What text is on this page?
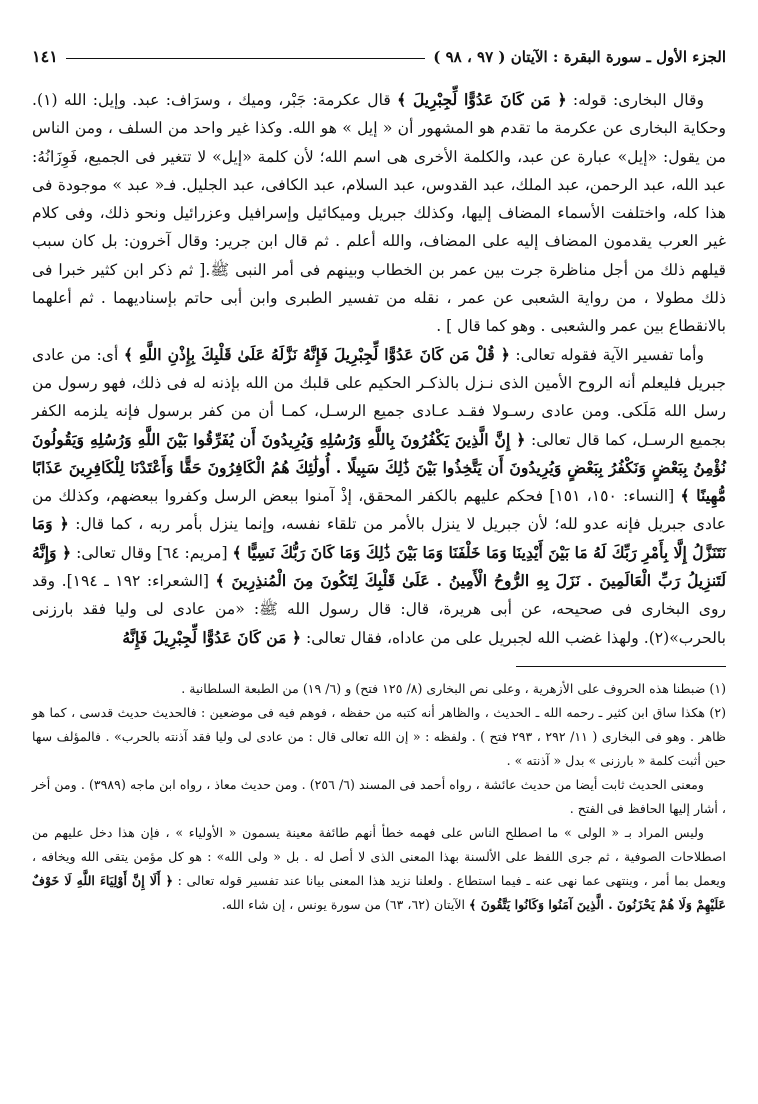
الجزء الأول ـ سورة البقرة : الآيتان ( ٩٧ ، ٩٨ )
١٤١

وقال البخارى: قوله: ﴿ مَن كَانَ عَدُوًّا لِّجِبْرِيلَ ﴾ قال عكرمة: جَبْر، وميك ، وسرَاف: عبد. وإيل: الله (١). وحكاية البخارى عن عكرمة ما تقدم هو المشهور أن « إيل » هو الله. وكذا غير واحد من السلف ، ومن الناس من يقول: «إيل» عبارة عن عبد، والكلمة الأخرى هى اسم الله؛ لأن كلمة «إيل» لا تتغير فى الجميع، فَوِزَانُهُ: عبد الله، عبد الرحمن، عبد الملك، عبد القدوس، عبد السلام، عبد الكافى، عبد الجليل. فـ« عبد » موجودة فى هذا كله، واختلفت الأسماء المضاف إليها، وكذلك جبريل وميكائيل وإسرافيل وعزرائيل ونحو ذلك، وفى كلام غير العرب يقدمون المضاف إليه على المضاف، والله أعلم . ثم قال ابن جرير: وقال آخرون: بل كان سبب قيلهم ذلك من أجل مناظرة جرت بين عمر بن الخطاب وبينهم فى أمر النبى ﷺ.[ ثم ذكر ابن كثير خبرا فى ذلك مطولا ، من رواية الشعبى عن عمر ، نقله من تفسير الطبرى وابن أبى حاتم بإسناديهما . ثم أعلهما بالانقطاع بين عمر والشعبى . وهو كما قال ] .

وأما تفسير الآية فقوله تعالى: ﴿ قُلْ مَن كَانَ عَدُوًّا لِّجِبْرِيلَ فَإِنَّهُ نَزَّلَهُ عَلَىٰ قَلْبِكَ بِإِذْنِ اللَّهِ ﴾ أى: من عادى جبريل فليعلم أنه الروح الأمين الذى نـزل بالذكـر الحكيم على قلبك من الله بإذنه له فى ذلك، فهو رسول من رسل الله مَلَكى. ومن عادى رسـولا فقـد عـادى جميع الرسـل، كمـا أن من كفر برسول فإنه يلزمه الكفر بجميع الرسـل، كما قال تعالى: ﴿ إِنَّ الَّذِينَ يَكْفُرُونَ بِاللَّهِ وَرُسُلِهِ وَيُرِيدُونَ أَن يُفَرِّقُوا بَيْنَ اللَّهِ وَرُسُلِهِ وَيَقُولُونَ نُؤْمِنُ بِبَعْضٍ وَنَكْفُرُ بِبَعْضٍ وَيُرِيدُونَ أَن يَتَّخِذُوا بَيْنَ ذَٰلِكَ سَبِيلًا . أُولَٰئِكَ هُمُ الْكَافِرُونَ حَقًّا وَأَعْتَدْنَا لِلْكَافِرِينَ عَذَابًا مُّهِينًا ﴾ [النساء: ١٥٠، ١٥١] فحكم عليهم بالكفر المحقق، إذْ آمنوا ببعض الرسل وكفروا ببعضهم، وكذلك من عادى جبريل فإنه عدو لله؛ لأن جبريل لا ينزل بالأمر من تلقاء نفسه، وإنما ينزل بأمر ربه ، كما قال: ﴿ وَمَا نَتَنَزَّلُ إِلَّا بِأَمْرِ رَبِّكَ لَهُ مَا بَيْنَ أَيْدِينَا وَمَا خَلْفَنَا وَمَا بَيْنَ ذَٰلِكَ وَمَا كَانَ رَبُّكَ نَسِيًّا ﴾ [مريم: ٦٤] وقال تعالى: ﴿ وَإِنَّهُ لَتَنزِيلُ رَبِّ الْعَالَمِينَ . نَزَلَ بِهِ الرُّوحُ الْأَمِينُ . عَلَىٰ قَلْبِكَ لِتَكُونَ مِنَ الْمُنذِرِينَ ﴾ [الشعراء: ١٩٢ ـ ١٩٤]. وقد روى البخارى فى صحيحه، عن أبى هريرة، قال: قال رسول الله ﷺ: «من عادى لى وليا فقد بارزنى بالحرب»(٢). ولهذا غضب الله لجبريل على من عاداه، فقال تعالى: ﴿ مَن كَانَ عَدُوًّا لِّجِبْرِيلَ فَإِنَّهُ

(١) ضبطنا هذه الحروف على الأزهرية ، وعلى نص البخارى (٨/ ١٢٥ فتح) و (٦/ ١٩) من الطبعة السلطانية .

(٢) هكذا ساق ابن كثير ـ رحمه الله ـ الحديث ، والظاهر أنه كتبه من حفظه ، فوهم فيه فى موضعين : فالحديث حديث قدسى ، كما هو ظاهر . وهو فى البخارى ( ١١/ ٢٩٢ ، ٢٩٣ فتح ) . ولفظه : « إن الله تعالى قال : من عادى لى وليا فقد آذنته بالحرب» . فالمؤلف سها حين أثبت كلمة « بارزنى » بدل « آذنته » .

ومعنى الحديث ثابت أيضا من حديث عائشة ، رواه أحمد فى المسند (٦/ ٢٥٦) . ومن حديث معاذ ، رواه ابن ماجه (٣٩٨٩) . ومن أخر ، أشار إليها الحافظ فى الفتح .

وليس المراد بـ « الولى » ما اصطلح الناس على فهمه خطأ أنهم طائفة معينة يسمون « الأولياء » ، فإن هذا دخل عليهم من اصطلاحات الصوفية ، ثم جرى اللفظ على الألسنة بهذا المعنى الذى لا أصل له . بل « ولى الله» : هو كل مؤمن يتقى الله ويخافه ، ويعمل بما أمر ، وينتهى عما نهى عنه ـ فيما استطاع . ولعلنا نزيد هذا المعنى بيانا عند تفسير قوله تعالى : ﴿ أَلَا إِنَّ أَوْلِيَاءَ اللَّهِ لَا خَوْفٌ عَلَيْهِمْ وَلَا هُمْ يَحْزَنُونَ . الَّذِينَ آمَنُوا وَكَانُوا يَتَّقُونَ ﴾ الآيتان (٦٢، ٦٣) من سورة يونس ، إن شاء الله.
